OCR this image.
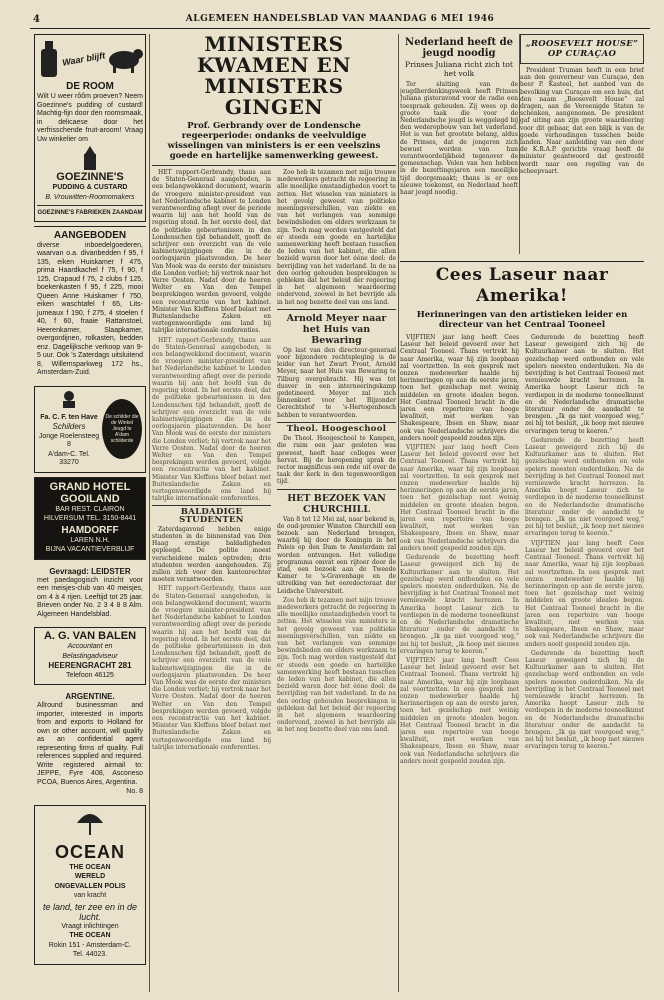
4	ALGEMEEN HANDELSBLAD VAN MAANDAG 6 MEI 1946
Waar blijft
DE ROOM

Wilt U weer rôôm proeven? Neem Goezinne's pudding of custard! Machtig-fijn door den roomsmaak, in delicaese door het verfrisschende fruit-aroom! Vraag Uw winkelier om

GOEZINNE'S

PUDDING & CUSTARD

B. Vrouwitten-Roomomakers

GOEZINNE'S FABRIEKEN ZAANDAM

AANGEBODEN

diverse inboedelgoederen, waarvan o.a. divanbedden f 95, f 135, eiken Huiskamer f 475, prima Haardkachel f 75, f 90, f 125, Crapaud f 75, 2 clubs f 125, boekenkasten f 95, f 225, mooi Queen Anne Huiskamer f 750, eiken waschtafel f 65, Lits-jumeaux f 190, f 275, 4 stoelen f 40, f 60, fraaie Rattanstoel, Heerenkamer, Slaapkamer, overgordijnen, rolkasten, bedden enz. Dagelijksche verkoop van 9-5 uur. Ook 's Zaterdags uitsluitend 8, Willemsparkweg 172 hs., Amsterdam-Zuid.

Fa. C. F. ten Have

Schilders

Jonge Roelensteeg 8

A'dam-C. Tel. 33270

De schilder die de Winkel Jeugd te A'dam schilderde

GRAND HOTEL GOOILAND

BAR REST. CLAIRON

HILVERSUM TEL. 3150-8441

HAMDORFF

LAREN N.H.

BIJNA VACANTIEVERBLIJF

Gevraagd: LEIDSTER

met paedagogisch inzicht voor een meisjes-club van 40 meisjes, om 4 à 4 rijen. Leeftijd tot 25 jaar. Brieven onder No. 2 3 4 8 8 Alm. Algemeen Handelsblad.

A. G. VAN BALEN

Accountant en

Belastingadviseur

HEERENGRACHT 281

Telefoon 46125

ARGENTINE.

Allround businessman and importer, interested in imports from and exports to Holland for own or other account, will qualify as an confidential agent representing firms of quality. Full references supplied and required. Write registered airmail to: JEPPE, Fyre 408, Asconeso PCOA, Buenos Aires, Argentina.

No. 8

OCEAN

THE OCEAN

WERELD

ONGEVALLEN POLIS

van kracht

te land, ter zee en in de lucht.

Vraagt inlichtingen

THE OCEAN

Rokin 151 - Amsterdam-C.

Tel. 44023.

MINISTERS KWAMEN EN MINISTERS GINGEN
Prof. Gerbrandy over de Londensche regeerperiode: ondanks de veelvuldige wisselingen van ministers is er een veelszins goede en hartelijke samenwerking geweest.

HET rapport-Gerbrandy, thans aan de Staten-Generaal aangeboden, is een belangwekkend document, waarin de vroegere minister-president van het Nederlandsche kabinet te Londen verantwoording aflegt over de periode waarin hij aan het hoofd van de regering stond. In het eerste deel, dat de politieke gebeurtenissen in den Londenschen tijd behandelt, geeft de schrijver een overzicht van de vele kabinetswijzigingen die in de oorlogsjaren plaatsvonden. De heer Van Mook was de eerste der ministers die Londen verliet; hij vertrok naar het Verre Oosten. Nadat door de heeren Welter en Van den Tempel besprekingen werden gevoerd, volgde een reconstructie van het kabinet. Minister Van Kleffens bleef belast met Buitenlandsche Zaken en vertegenwoordigde ons land bij talrijke internationale conferenties.

HET rapport-Gerbrandy, thans aan de Staten-Generaal aangeboden, is een belangwekkend document, waarin de vroegere minister-president van het Nederlandsche kabinet te Londen verantwoording aflegt over de periode waarin hij aan het hoofd van de regering stond. In het eerste deel, dat de politieke gebeurtenissen in den Londenschen tijd behandelt, geeft de schrijver een overzicht van de vele kabinetswijzigingen die in de oorlogsjaren plaatsvonden. De heer Van Mook was de eerste der ministers die Londen verliet; hij vertrok naar het Verre Oosten. Nadat door de heeren Welter en Van den Tempel besprekingen werden gevoerd, volgde een reconstructie van het kabinet. Minister Van Kleffens bleef belast met Buitenlandsche Zaken en vertegenwoordigde ons land bij talrijke internationale conferenties.

BALDADIGE STUDENTEN

Zaterdagavond hebben enige studenten in de binnenstad van Den Haag ernstige baldadigheden gepleegd. De politie moest verscheidene malen optreden; drie studenten werden aangehouden. Zij zullen zich voor den kantonrechter moeten verantwoorden.

HET rapport-Gerbrandy, thans aan de Staten-Generaal aangeboden, is een belangwekkend document, waarin de vroegere minister-president van het Nederlandsche kabinet te Londen verantwoording aflegt over de periode waarin hij aan het hoofd van de regering stond. In het eerste deel, dat de politieke gebeurtenissen in den Londenschen tijd behandelt, geeft de schrijver een overzicht van de vele kabinetswijzigingen die in de oorlogsjaren plaatsvonden. De heer Van Mook was de eerste der ministers die Londen verliet; hij vertrok naar het Verre Oosten. Nadat door de heeren Welter en Van den Tempel besprekingen werden gevoerd, volgde een reconstructie van het kabinet. Minister Van Kleffens bleef belast met Buitenlandsche Zaken en vertegenwoordigde ons land bij talrijke internationale conferenties.

Zoo heb ik tezamen met mijn trouwe medewerkers getracht de regeering in alle moeilijke omstandigheden voort te zetten. Het wisselen van ministers is het gevolg geweest van politieke meeningsverschillen, van ziekte en van het verlangen van sommige bewindslieden om elders werkzaam te zijn. Toch mag worden vastgesteld dat er steeds een goede en hartelijke samenwerking heeft bestaan tusschen de leden van het kabinet, die allen bezield waren door het ééne doel: de bevrijding van het vaderland. In de na den oorlog gehouden besprekingen is gebleken dat het beleid der regeering in het algemeen waardeering ondervond, zoowel in het bevrijde als in het nog bezette deel van ons land.

Arnold Meyer naar het Huis van Bewaring

Op last van den directeur-generaal voor bijzondere rechtspleging is de leider van het Zwart Front, Arnold Meyer, naar het Huis van Bewaring te Tilburg overgebracht. Hij was tot dusver in een interneeringskamp gedetineerd. Meyer zal zich binnenkort voor het Bijzonder Gerechtshof te 's-Hertogenbosch hebben te verantwoorden.

Theol. Hoogeschool

De Theol. Hoogeschool te Kampen, die ruim een jaar gesloten was geweest, heeft haar colleges weer hervat. Bij de heropening sprak de rector magnificus een rede uit over de taak der kerk in den tegenwoordigen tijd.

HET BEZOEK VAN CHURCHILL

Van 8 tot 12 Mei zal, naar bekend is, de oud-premier Winston Churchill een bezoek aan Nederland brengen, waarbij hij door de Koningin in het Paleis op den Dam te Amsterdam zal worden ontvangen. Het volledige programma omvat een rijtoer door de stad, een bezoek aan de Tweede Kamer te 's-Gravenhage en de uitreiking van het eeredoctoraat der Leidsche Universiteit.

Zoo heb ik tezamen met mijn trouwe medewerkers getracht de regeering in alle moeilijke omstandigheden voort te zetten. Het wisselen van ministers is het gevolg geweest van politieke meeningsverschillen, van ziekte en van het verlangen van sommige bewindslieden om elders werkzaam te zijn. Toch mag worden vastgesteld dat er steeds een goede en hartelijke samenwerking heeft bestaan tusschen de leden van het kabinet, die allen bezield waren door het ééne doel: de bevrijding van het vaderland. In de na den oorlog gehouden besprekingen is gebleken dat het beleid der regeering in het algemeen waardeering ondervond, zoowel in het bevrijde als in het nog bezette deel van ons land.

Nederland heeft de jeugd noodig
Prinses Juliana richt zich tot het volk

Ter sluiting van de jeugdherdenkingsweek heeft Prinses Juliana gisteravond voor de radio een toespraak gehouden. Zij wees op de groote taak die voor de Nederlandsche jeugd is weggelegd bij den wederopbouw van het vaderland. Het is van het grootste belang, aldus de Prinses, dat de jongeren zich bewust worden van hun verantwoordelijkheid tegenover de gemeenschap. Velen van hen hebben in de bezettingsjaren een moeilijke tijd doorgemaakt; thans is er een nieuwe toekomst, en Nederland heeft haar jeugd noodig.

„ROOSEVELT HOUSE” OP CURAÇAO

President Truman heeft in een brief aan den gouverneur van Curaçao, den heer P. Kasteel, het aanbod van de bevolking van Curaçao om een huis, dat den naam „Roosevelt House” zal dragen, aan de Vereenigde Staten te schenken, aangenomen. De president gaf uiting aan zijn groote waardeering voor dit gebaar, dat een blijk is van de goede verhoudingen tusschen beide landen. Naar aanleiding van een door de K.R.A.P. gerichte vraag heeft de minister geantwoord dat gestreefd wordt naar een regeling van de scheepvaart.

Cees Laseur naar Amerika!
Herinneringen van den artistieken leider en directeur van het Centraal Tooneel

VIJFTIEN jaar lang heeft Cees Laseur het beleid gevoerd over het Centraal Tooneel. Thans vertrekt hij naar Amerika, waar hij zijn loopbaan zal voortzetten. In een gesprek met onzen medewerker haalde hij herinneringen op aan de eerste jaren, toen het gezelschap met weinig middelen en groote idealen begon. Het Centraal Tooneel bracht in die jaren een repertoire van hooge kwaliteit, met werken van Shakespeare, Ibsen en Shaw, maar ook van Nederlandsche schrijvers die anders nooit gespeeld zouden zijn.

VIJFTIEN jaar lang heeft Cees Laseur het beleid gevoerd over het Centraal Tooneel. Thans vertrekt hij naar Amerika, waar hij zijn loopbaan zal voortzetten. In een gesprek met onzen medewerker haalde hij herinneringen op aan de eerste jaren, toen het gezelschap met weinig middelen en groote idealen begon. Het Centraal Tooneel bracht in die jaren een repertoire van hooge kwaliteit, met werken van Shakespeare, Ibsen en Shaw, maar ook van Nederlandsche schrijvers die anders nooit gespeeld zouden zijn.

Gedurende de bezetting heeft Laseur geweigerd zich bij de Kultuurkamer aan te sluiten. Het gezelschap werd ontbonden en vele spelers moesten onderduiken. Na de bevrijding is het Centraal Tooneel met vernieuwde kracht herrezen. In Amerika hoopt Laseur zich te verdiepen in de moderne tooneelkunst en de Nederlandsche dramatische literatuur onder de aandacht te brengen. „Ik ga niet voorgoed weg,” zei hij tot besluit, „ik hoop met nieuwe ervaringen terug te keeren.”

VIJFTIEN jaar lang heeft Cees Laseur het beleid gevoerd over het Centraal Tooneel. Thans vertrekt hij naar Amerika, waar hij zijn loopbaan zal voortzetten. In een gesprek met onzen medewerker haalde hij herinneringen op aan de eerste jaren, toen het gezelschap met weinig middelen en groote idealen begon. Het Centraal Tooneel bracht in die jaren een repertoire van hooge kwaliteit, met werken van Shakespeare, Ibsen en Shaw, maar ook van Nederlandsche schrijvers die anders nooit gespeeld zouden zijn.

Gedurende de bezetting heeft Laseur geweigerd zich bij de Kultuurkamer aan te sluiten. Het gezelschap werd ontbonden en vele spelers moesten onderduiken. Na de bevrijding is het Centraal Tooneel met vernieuwde kracht herrezen. In Amerika hoopt Laseur zich te verdiepen in de moderne tooneelkunst en de Nederlandsche dramatische literatuur onder de aandacht te brengen. „Ik ga niet voorgoed weg,” zei hij tot besluit, „ik hoop met nieuwe ervaringen terug te keeren.”

Gedurende de bezetting heeft Laseur geweigerd zich bij de Kultuurkamer aan te sluiten. Het gezelschap werd ontbonden en vele spelers moesten onderduiken. Na de bevrijding is het Centraal Tooneel met vernieuwde kracht herrezen. In Amerika hoopt Laseur zich te verdiepen in de moderne tooneelkunst en de Nederlandsche dramatische literatuur onder de aandacht te brengen. „Ik ga niet voorgoed weg,” zei hij tot besluit, „ik hoop met nieuwe ervaringen terug te keeren.”

VIJFTIEN jaar lang heeft Cees Laseur het beleid gevoerd over het Centraal Tooneel. Thans vertrekt hij naar Amerika, waar hij zijn loopbaan zal voortzetten. In een gesprek met onzen medewerker haalde hij herinneringen op aan de eerste jaren, toen het gezelschap met weinig middelen en groote idealen begon. Het Centraal Tooneel bracht in die jaren een repertoire van hooge kwaliteit, met werken van Shakespeare, Ibsen en Shaw, maar ook van Nederlandsche schrijvers die anders nooit gespeeld zouden zijn.

Gedurende de bezetting heeft Laseur geweigerd zich bij de Kultuurkamer aan te sluiten. Het gezelschap werd ontbonden en vele spelers moesten onderduiken. Na de bevrijding is het Centraal Tooneel met vernieuwde kracht herrezen. In Amerika hoopt Laseur zich te verdiepen in de moderne tooneelkunst en de Nederlandsche dramatische literatuur onder de aandacht te brengen. „Ik ga niet voorgoed weg,” zei hij tot besluit, „ik hoop met nieuwe ervaringen terug te keeren.”
